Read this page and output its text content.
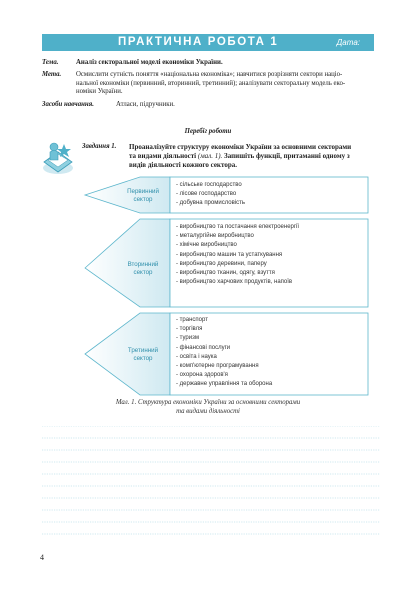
ПРАКТИЧНА РОБОТА 1	Дата:
Тема.	Аналіз секторальної моделі економіки України.
Мета. Осмислити сутність поняття «національна економіка»; навчитися розрізняти сектори націо-
нальної економіки (первинний, вторинний, третинний); аналізувати секторальну модель еко-
номіки України.
Засоби навчання.	Атласи, підручники.
Перебіг роботи
Завдання 1. Проаналізуйте структуру економіки України за основними секторами
та видами діяльності (мал. 1). Запишіть функції, притаманні одному з
видів діяльності кожного сектора.
Первинний
сектор
Вторинний
сектор
Третинний
сектор
- сільське господарство
- лісове господарство
- добувна промисловість
- виробництво та постачання електроенергії
- металургійне виробництво
- хімічне виробництво
- виробництво машин та устаткування
- виробництво деревини, паперу
- виробництво тканин, одягу, взуття
- виробництво харчових продуктів, напоїв
- транспорт
- торгівля
- туризм
- фінансові послуги
- освіта і наука
- комп'ютерне програмування
- охорона здоров'я
- державне управління та оборона
Мал. 1. Структура економіки України за основними секторами
та видами діяльності
4
